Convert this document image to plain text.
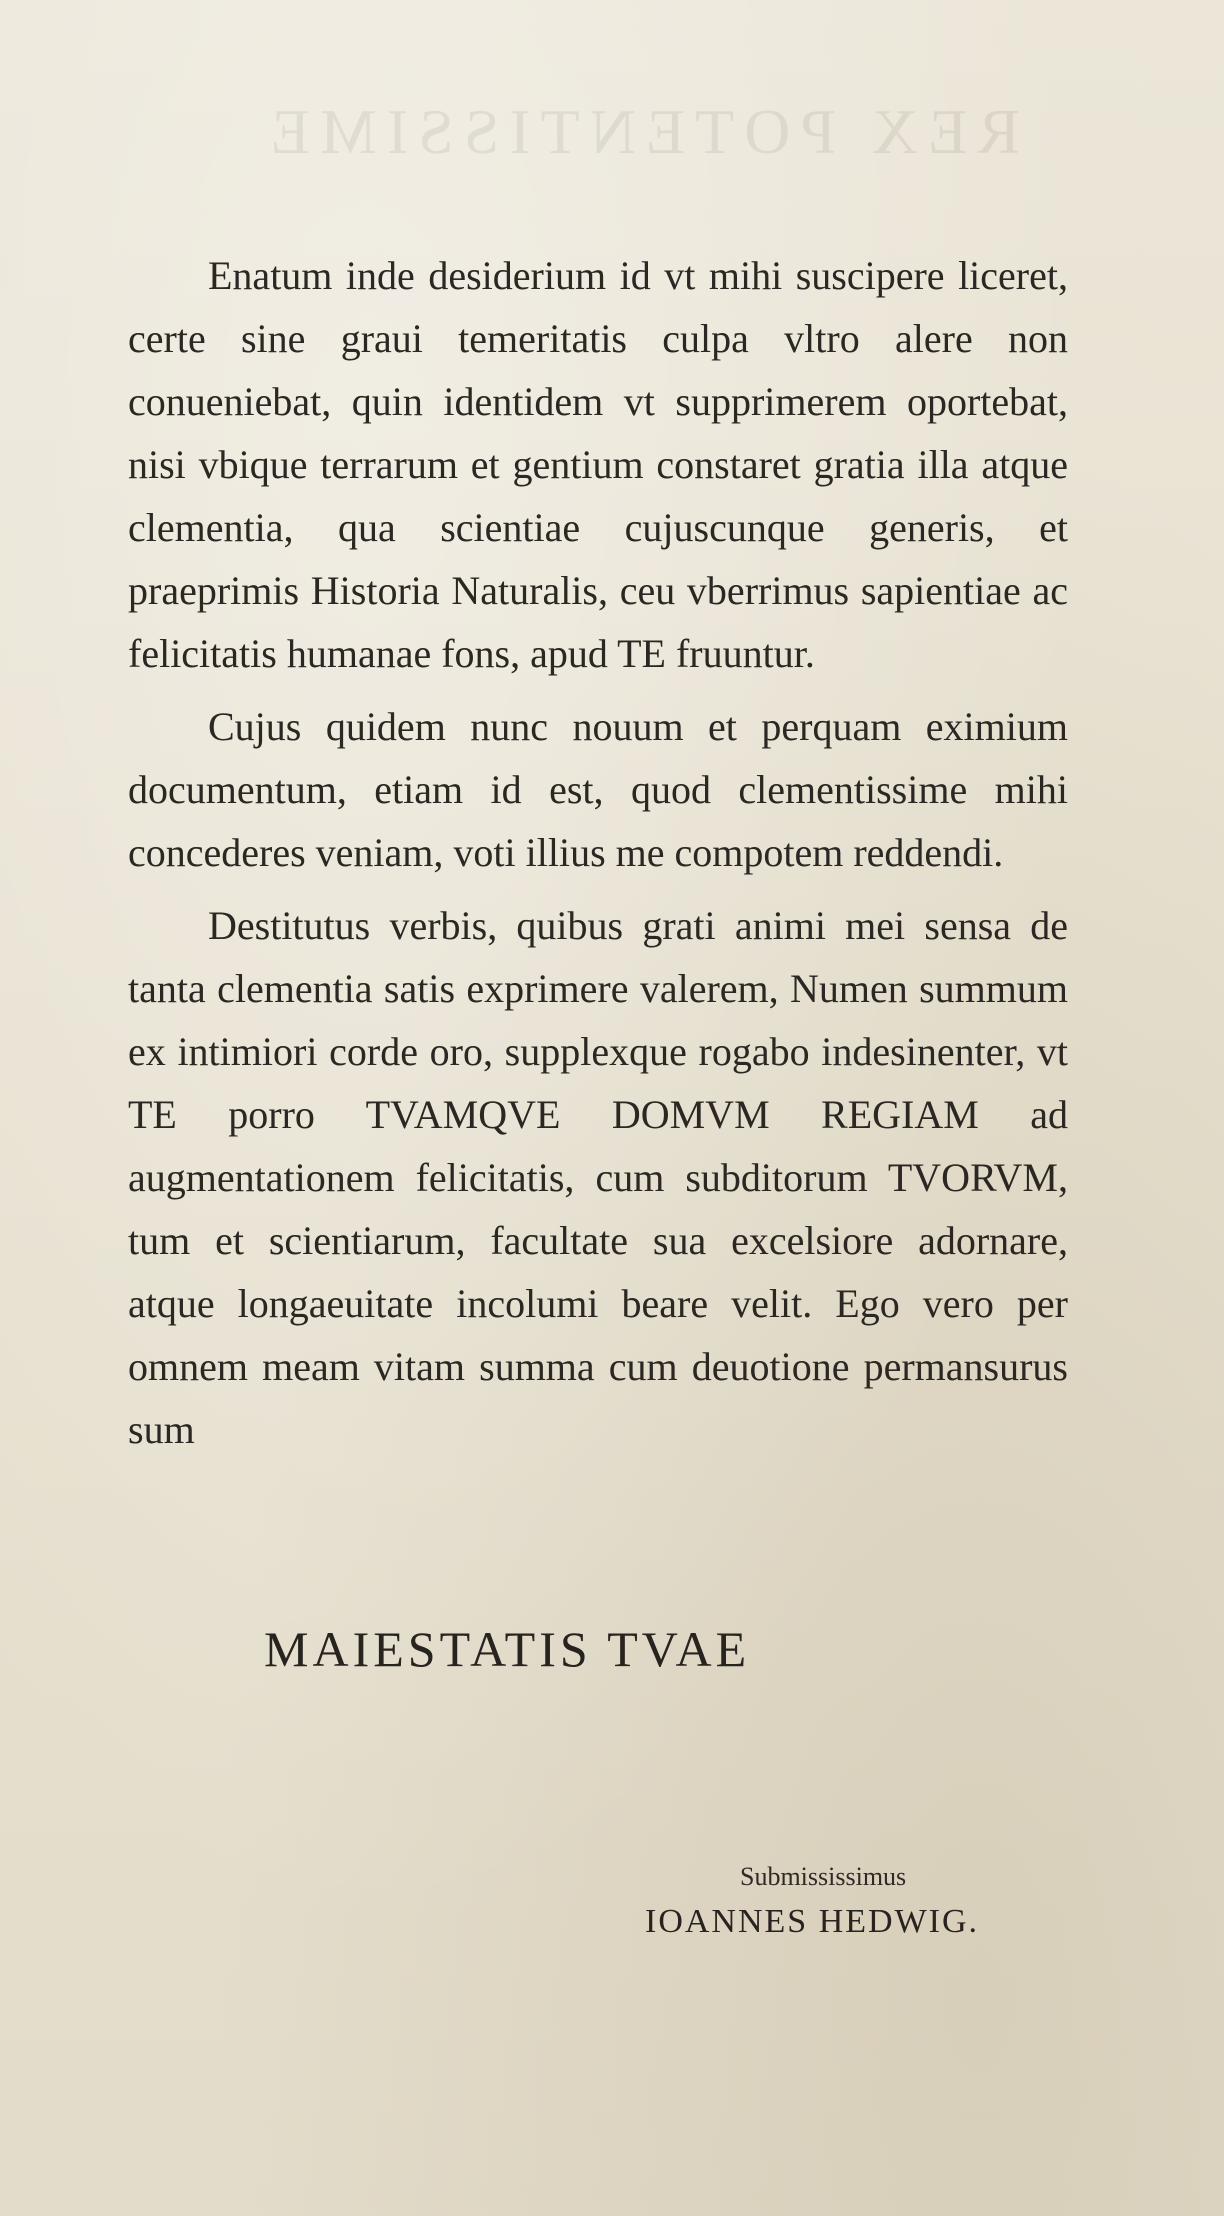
REX POTENTISSIME

Enatum inde desiderium id vt mihi suscipere liceret, certe sine graui temeritatis culpa vltro alere non conueniebat, quin identidem vt supprimerem oportebat, nisi vbique terrarum et gentium constaret gratia illa atque clementia, qua scientiae cujuscunque generis, et praeprimis Historia Naturalis, ceu vberrimus sapientiae ac felicitatis humanae fons, apud TE fruuntur.

Cujus quidem nunc nouum et perquam eximium documentum, etiam id est, quod clementissime mihi concederes veniam, voti illius me compotem reddendi.

Destitutus verbis, quibus grati animi mei sensa de tanta clementia satis exprimere valerem, Numen summum ex intimiori corde oro, supplexque rogabo indesinenter, vt TE porro TVAMQVE DOMVM REGIAM ad augmentationem felicitatis, cum subditorum TVORVM, tum et scientiarum, facultate sua excelsiore adornare, atque longaeuitate incolumi beare velit. Ego vero per omnem meam vitam summa cum deuotione permansurus sum

MAIESTATIS TVAE
Submississimus
IOANNES HEDWIG.
